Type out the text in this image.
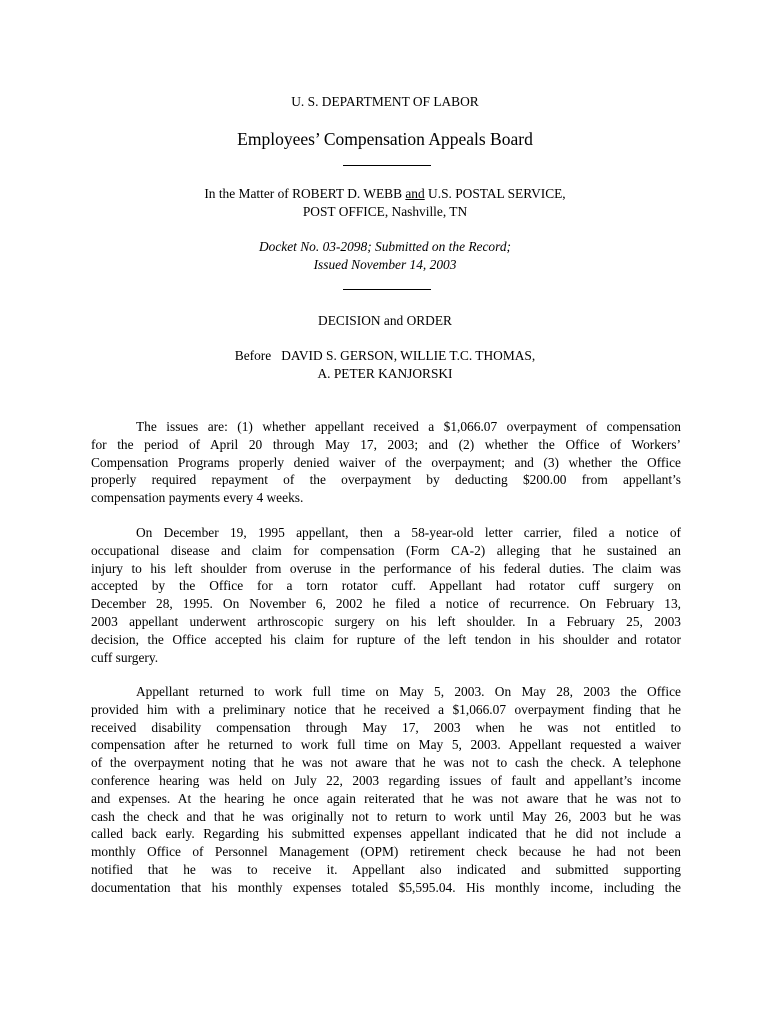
U. S. DEPARTMENT OF LABOR
Employees’ Compensation Appeals Board
In the Matter of ROBERT D. WEBB and U.S. POSTAL SERVICE,
POST OFFICE, Nashville, TN
Docket No. 03-2098; Submitted on the Record;
Issued November 14, 2003
DECISION and ORDER
Before   DAVID S. GERSON, WILLIE T.C. THOMAS,
A. PETER KANJORSKI
The issues are: (1) whether appellant received a $1,066.07 overpayment of compensation
for the period of April 20 through May 17, 2003; and (2) whether the Office of Workers’
Compensation Programs properly denied waiver of the overpayment; and (3) whether the Office
properly required repayment of the overpayment by deducting $200.00 from appellant’s
compensation payments every 4 weeks.
On December 19, 1995 appellant, then a 58-year-old letter carrier, filed a notice of
occupational disease and claim for compensation (Form CA-2) alleging that he sustained an
injury to his left shoulder from overuse in the performance of his federal duties. The claim was
accepted by the Office for a torn rotator cuff. Appellant had rotator cuff surgery on
December 28, 1995. On November 6, 2002 he filed a notice of recurrence. On February 13,
2003 appellant underwent arthroscopic surgery on his left shoulder. In a February 25, 2003
decision, the Office accepted his claim for rupture of the left tendon in his shoulder and rotator
cuff surgery.
Appellant returned to work full time on May 5, 2003. On May 28, 2003 the Office
provided him with a preliminary notice that he received a $1,066.07 overpayment finding that he
received disability compensation through May 17, 2003 when he was not entitled to
compensation after he returned to work full time on May 5, 2003. Appellant requested a waiver
of the overpayment noting that he was not aware that he was not to cash the check. A telephone
conference hearing was held on July 22, 2003 regarding issues of fault and appellant’s income
and expenses. At the hearing he once again reiterated that he was not aware that he was not to
cash the check and that he was originally not to return to work until May 26, 2003 but he was
called back early. Regarding his submitted expenses appellant indicated that he did not include a
monthly Office of Personnel Management (OPM) retirement check because he had not been
notified that he was to receive it. Appellant also indicated and submitted supporting
documentation that his monthly expenses totaled $5,595.04. His monthly income, including the
